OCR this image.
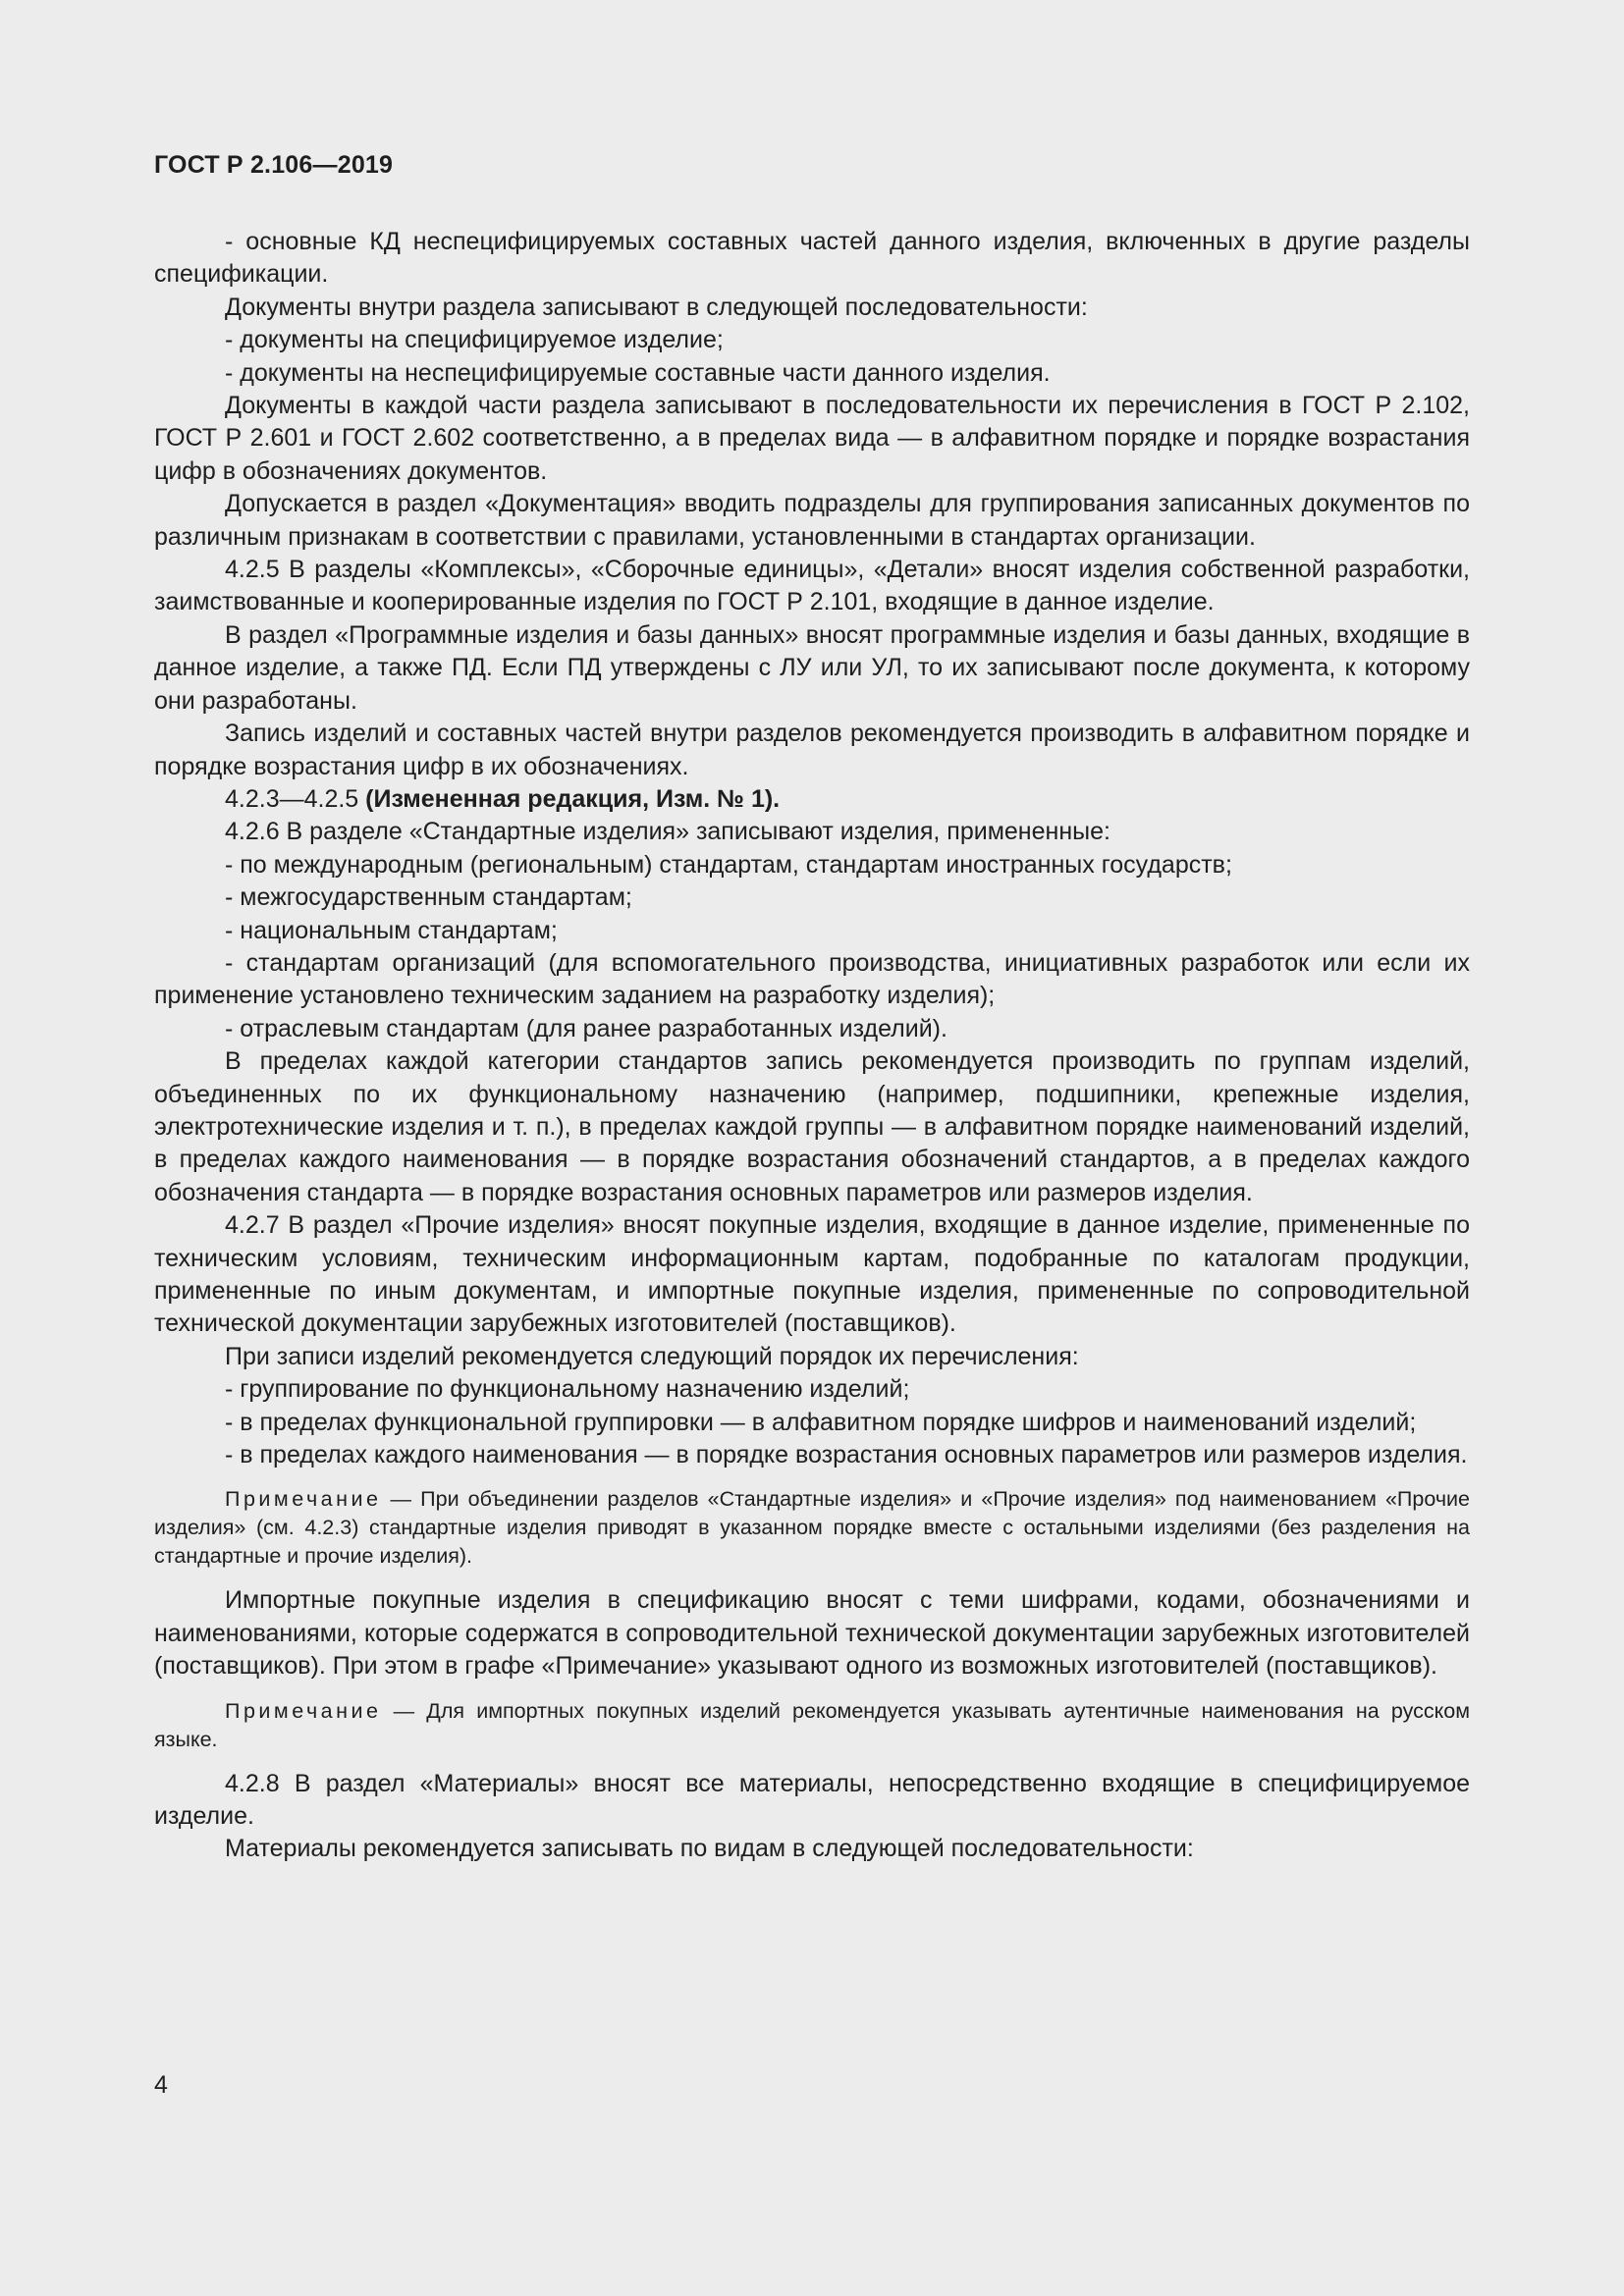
ГОСТ Р 2.106—2019

- основные КД неспецифицируемых составных частей данного изделия, включенных в другие разделы спецификации.

Документы внутри раздела записывают в следующей последовательности:

- документы на специфицируемое изделие;

- документы на неспецифицируемые составные части данного изделия.

Документы в каждой части раздела записывают в последовательности их перечисления в ГОСТ Р 2.102, ГОСТ Р 2.601 и ГОСТ 2.602 соответственно, а в пределах вида — в алфавитном порядке и порядке возрастания цифр в обозначениях документов.

Допускается в раздел «Документация» вводить подразделы для группирования записанных документов по различным признакам в соответствии с правилами, установленными в стандартах организации.

4.2.5 В разделы «Комплексы», «Сборочные единицы», «Детали» вносят изделия собственной разработки, заимствованные и кооперированные изделия по ГОСТ Р 2.101, входящие в данное изделие.

В раздел «Программные изделия и базы данных» вносят программные изделия и базы данных, входящие в данное изделие, а также ПД. Если ПД утверждены с ЛУ или УЛ, то их записывают после документа, к которому они разработаны.

Запись изделий и составных частей внутри разделов рекомендуется производить в алфавитном порядке и порядке возрастания цифр в их обозначениях.

4.2.3—4.2.5 (Измененная редакция, Изм. № 1).

4.2.6 В разделе «Стандартные изделия» записывают изделия, примененные:

- по международным (региональным) стандартам, стандартам иностранных государств;

- межгосударственным стандартам;

- национальным стандартам;

- стандартам организаций (для вспомогательного производства, инициативных разработок или если их применение установлено техническим заданием на разработку изделия);

- отраслевым стандартам (для ранее разработанных изделий).

В пределах каждой категории стандартов запись рекомендуется производить по группам изделий, объединенных по их функциональному назначению (например, подшипники, крепежные изделия, электротехнические изделия и т. п.), в пределах каждой группы — в алфавитном порядке наименований изделий, в пределах каждого наименования — в порядке возрастания обозначений стандартов, а в пределах каждого обозначения стандарта — в порядке возрастания основных параметров или размеров изделия.

4.2.7 В раздел «Прочие изделия» вносят покупные изделия, входящие в данное изделие, примененные по техническим условиям, техническим информационным картам, подобранные по каталогам продукции, примененные по иным документам, и импортные покупные изделия, примененные по сопроводительной технической документации зарубежных изготовителей (поставщиков).

При записи изделий рекомендуется следующий порядок их перечисления:

- группирование по функциональному назначению изделий;

- в пределах функциональной группировки — в алфавитном порядке шифров и наименований изделий;

- в пределах каждого наименования — в порядке возрастания основных параметров или размеров изделия.

Примечание — При объединении разделов «Стандартные изделия» и «Прочие изделия» под наименованием «Прочие изделия» (см. 4.2.3) стандартные изделия приводят в указанном порядке вместе с остальными изделиями (без разделения на стандартные и прочие изделия).

Импортные покупные изделия в спецификацию вносят с теми шифрами, кодами, обозначениями и наименованиями, которые содержатся в сопроводительной технической документации зарубежных изготовителей (поставщиков). При этом в графе «Примечание» указывают одного из возможных изготовителей (поставщиков).

Примечание — Для импортных покупных изделий рекомендуется указывать аутентичные наименования на русском языке.

4.2.8 В раздел «Материалы» вносят все материалы, непосредственно входящие в специфицируемое изделие.

Материалы рекомендуется записывать по видам в следующей последовательности:

4
